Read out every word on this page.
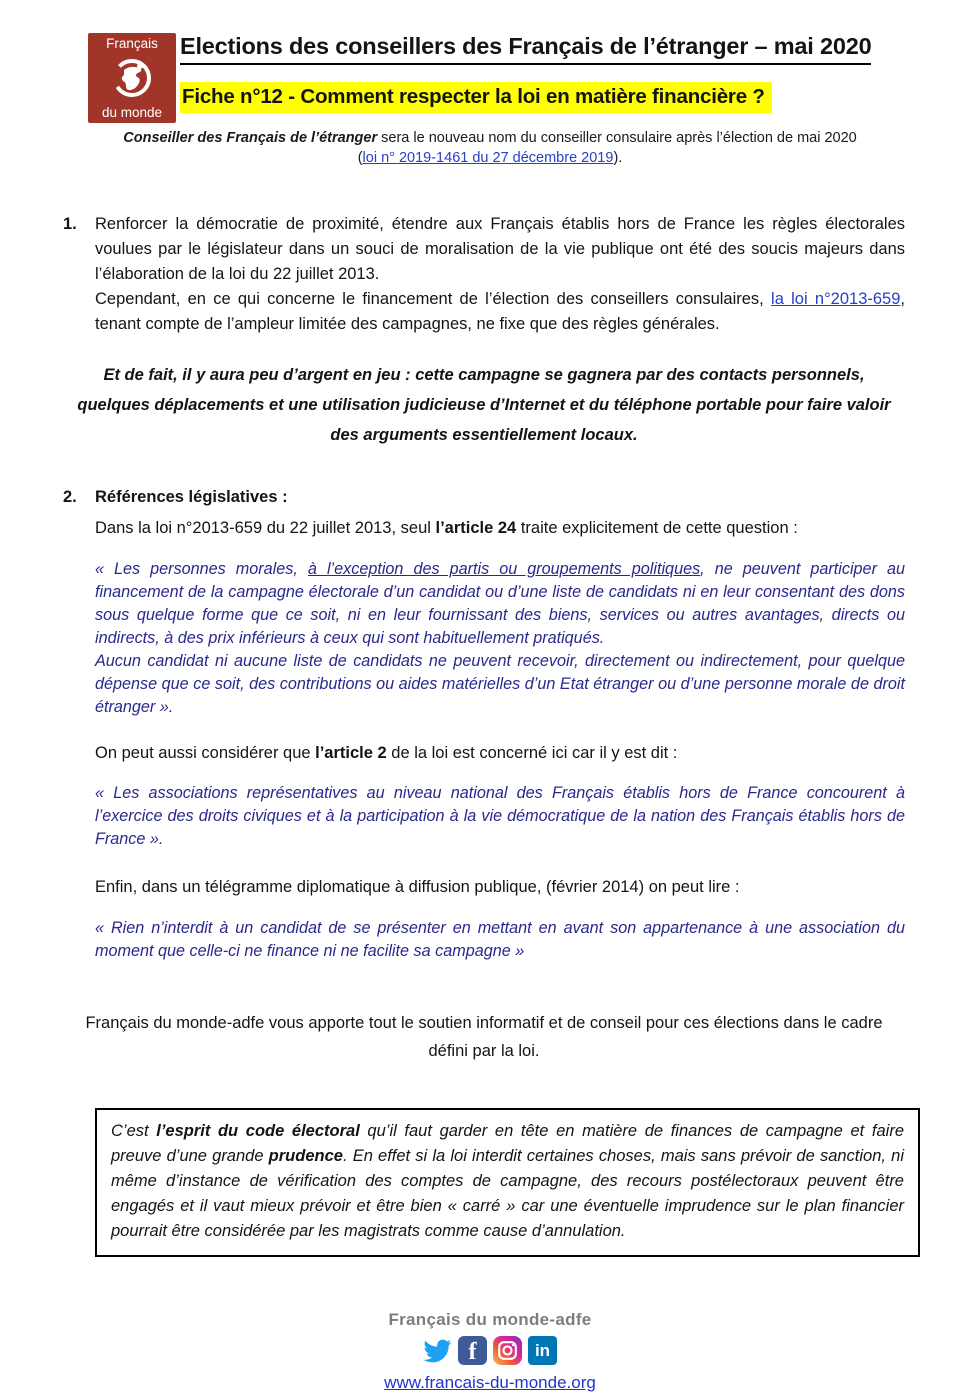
Français
du monde
Elections des conseillers des Français de l’étranger – mai 2020
Fiche n°12 - Comment respecter la loi en matière financière ?
Conseiller des Français de l’étranger sera le nouveau nom du conseiller consulaire après l’élection de mai 2020
(loi n° 2019-1461 du 27 décembre 2019).
1.	Renforcer la démocratie de proximité, étendre aux Français établis hors de France les règles électorales voulues par le législateur dans un souci de moralisation de la vie publique ont été des soucis majeurs dans l’élaboration de la loi du 22 juillet 2013.

Cependant, en ce qui concerne le financement de l’élection des conseillers consulaires, la loi n°2013-659, tenant compte de l’ampleur limitée des campagnes, ne fixe que des règles générales.

Et de fait, il y aura peu d’argent en jeu : cette campagne se gagnera par des contacts personnels, quelques déplacements et une utilisation judicieuse d’Internet et du téléphone portable pour faire valoir des arguments essentiellement locaux.
2.	Références législatives :

Dans la loi n°2013-659 du 22 juillet 2013, seul l’article 24 traite explicitement de cette question :

« Les personnes morales, à l’exception des partis ou groupements politiques, ne peuvent participer au financement de la campagne électorale d’un candidat ou d’une liste de candidats ni en leur consentant des dons sous quelque forme que ce soit, ni en leur fournissant des biens, services ou autres avantages, directs ou indirects, à des prix inférieurs à ceux qui sont habituellement pratiqués.

Aucun candidat ni aucune liste de candidats ne peuvent recevoir, directement ou indirectement, pour quelque dépense que ce soit, des contributions ou aides matérielles d’un Etat étranger ou d’une personne morale de droit étranger ».

On peut aussi considérer que l’article 2 de la loi est concerné ici car il y est dit :

« Les associations représentatives au niveau national des Français établis hors de France concourent à l’exercice des droits civiques et à la participation à la vie démocratique de la nation des Français établis hors de France ».

Enfin, dans un télégramme diplomatique à diffusion publique, (février 2014) on peut lire :

« Rien n’interdit à un candidat de se présenter en mettant en avant son appartenance à une association du moment que celle-ci ne finance ni ne facilite sa campagne »
Français du monde-adfe vous apporte tout le soutien informatif et de conseil pour ces élections dans le cadre défini par la loi.
C’est l’esprit du code électoral qu’il faut garder en tête en matière de finances de campagne et faire preuve d’une grande prudence. En effet si la loi interdit certaines choses, mais sans prévoir de sanction, ni même d’instance de vérification des comptes de campagne, des recours postélectoraux peuvent être engagés et il vaut mieux prévoir et être bien « carré » car une éventuelle imprudence sur le plan financier pourrait être considérée par les magistrats comme cause d’annulation.
Français du monde-adfe
f	in
www.francais-du-monde.org
